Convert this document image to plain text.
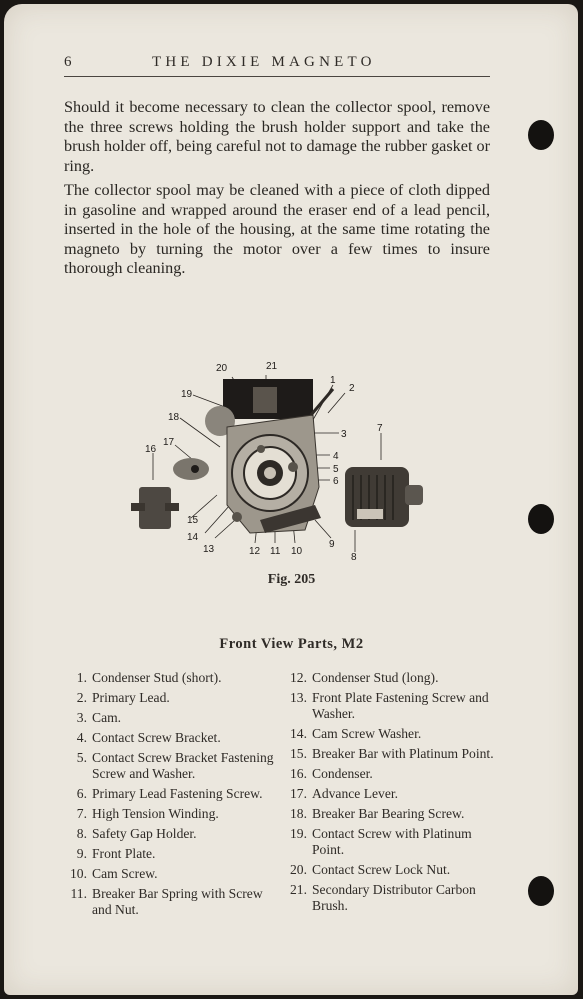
6	THE DIXIE MAGNETO

Should it become necessary to clean the collector spool, remove the three screws holding the brush holder support and take the brush holder off, being careful not to damage the rubber gasket or ring.

The collector spool may be cleaned with a piece of cloth dipped in gasoline and wrapped around the eraser end of a lead pencil, inserted in the hole of the housing, at the same time rotating the magneto by turning the motor over a few times to insure thorough cleaning.

21
20
1
2
3
7
4
5
6
19
18
17
16
15
14
13	12 11 10
9
8
Fig. 205
Front View Parts, M2
1. Condenser Stud (short).
2. Primary Lead.
3. Cam.
4. Contact Screw Bracket.
5. Contact Screw Bracket Fastening Screw and Washer.
6. Primary Lead Fastening Screw.
7. High Tension Winding.
8. Safety Gap Holder.
9. Front Plate.
10. Cam Screw.
11. Breaker Bar Spring with Screw and Nut.
12. Condenser Stud (long).
13. Front Plate Fastening Screw and Washer.
14. Cam Screw Washer.
15. Breaker Bar with Platinum Point.
16. Condenser.
17. Advance Lever.
18. Breaker Bar Bearing Screw.
19. Contact Screw with Platinum Point.
20. Contact Screw Lock Nut.
21. Secondary Distributor Carbon Brush.
